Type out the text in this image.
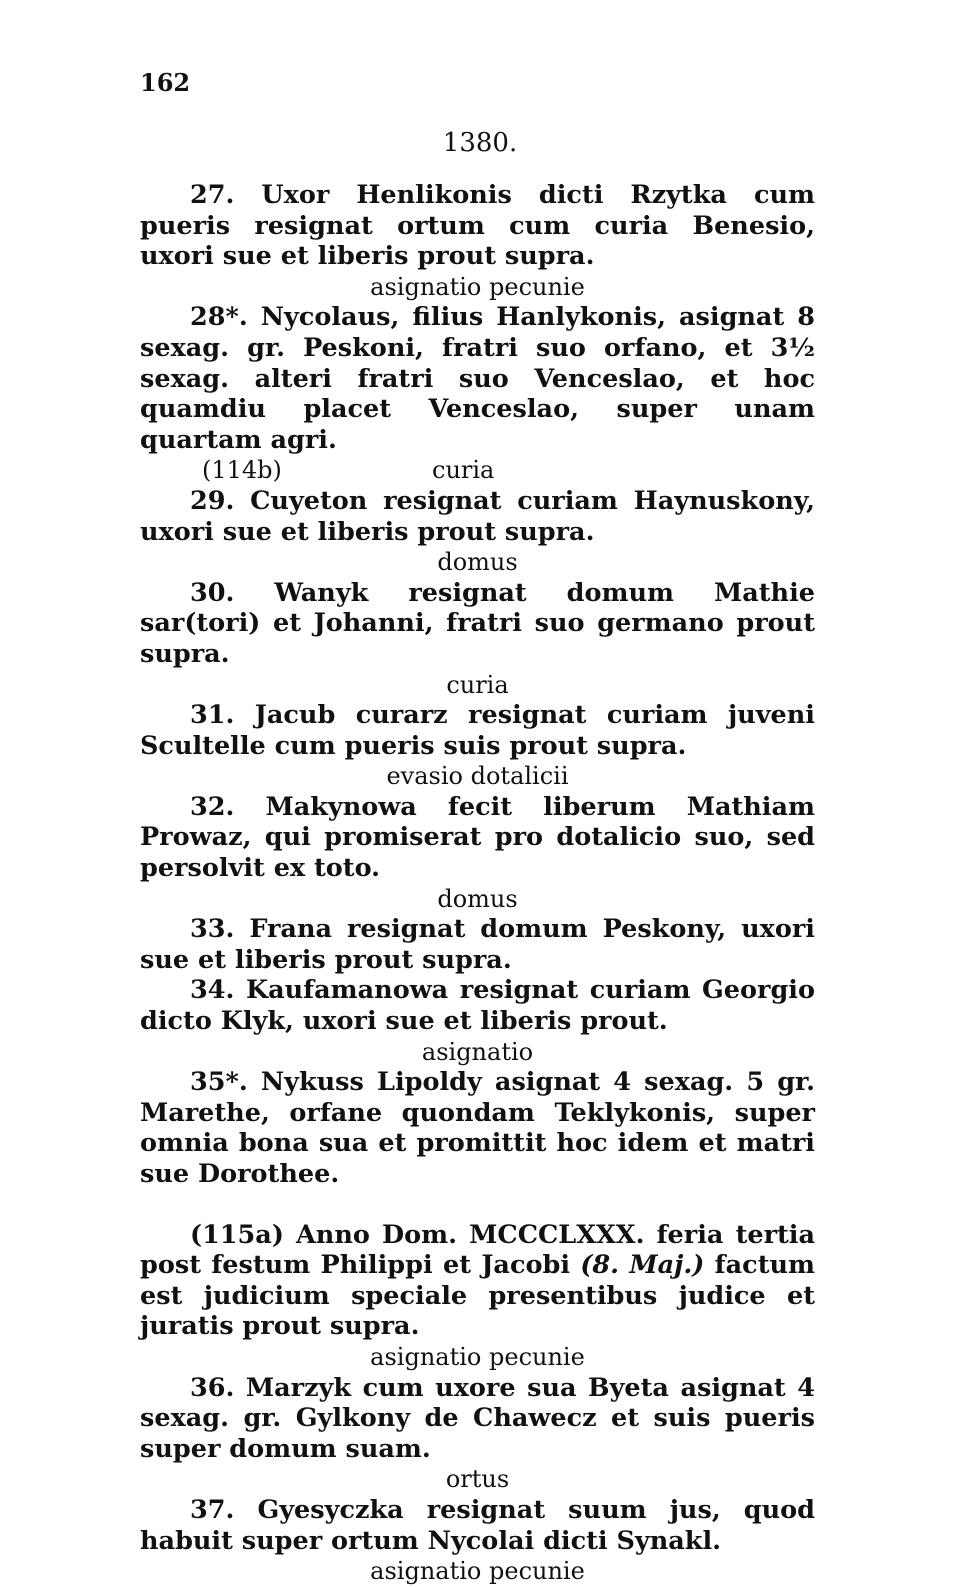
162
1380.

27. Uxor Henlikonis dicti Rzytka cum pueris resignat ortum cum curia Benesio, uxori sue et liberis prout supra.

asignatio pecunie

28*. Nycolaus, filius Hanlykonis, asignat 8 sexag. gr. Peskoni, fratri suo orfano, et 3½ sexag. alteri fratri suo Venceslao, et hoc quamdiu placet Venceslao, super unam quartam agri.

(114b)	curia

29. Cuyeton resignat curiam Haynuskony, uxori sue et liberis prout supra.

domus

30. Wanyk resignat domum Mathie sar(tori) et Johanni, fratri suo germano prout supra.

curia

31. Jacub curarz resignat curiam juveni Scultelle cum pueris suis prout supra.

evasio dotalicii

32. Makynowa fecit liberum Mathiam Prowaz, qui promiserat pro dotalicio suo, sed persolvit ex toto.

domus

33. Frana resignat domum Peskony, uxori sue et liberis prout supra.

34. Kaufamanowa resignat curiam Georgio dicto Klyk, uxori sue et liberis prout.

asignatio

35*. Nykuss Lipoldy asignat 4 sexag. 5 gr. Marethe, orfane quondam Teklykonis, super omnia bona sua et promittit hoc idem et matri sue Dorothee.

(115a) Anno Dom. MCCCLXXX. feria tertia post festum Philippi et Jacobi (8. Maj.) factum est judicium speciale presentibus judice et juratis prout supra.

asignatio pecunie

36. Marzyk cum uxore sua Byeta asignat 4 sexag. gr. Gylkony de Chawecz et suis pueris super domum suam.

ortus

37. Gyesyczka resignat suum jus, quod habuit super ortum Nycolai dicti Synakl.

asignatio pecunie
